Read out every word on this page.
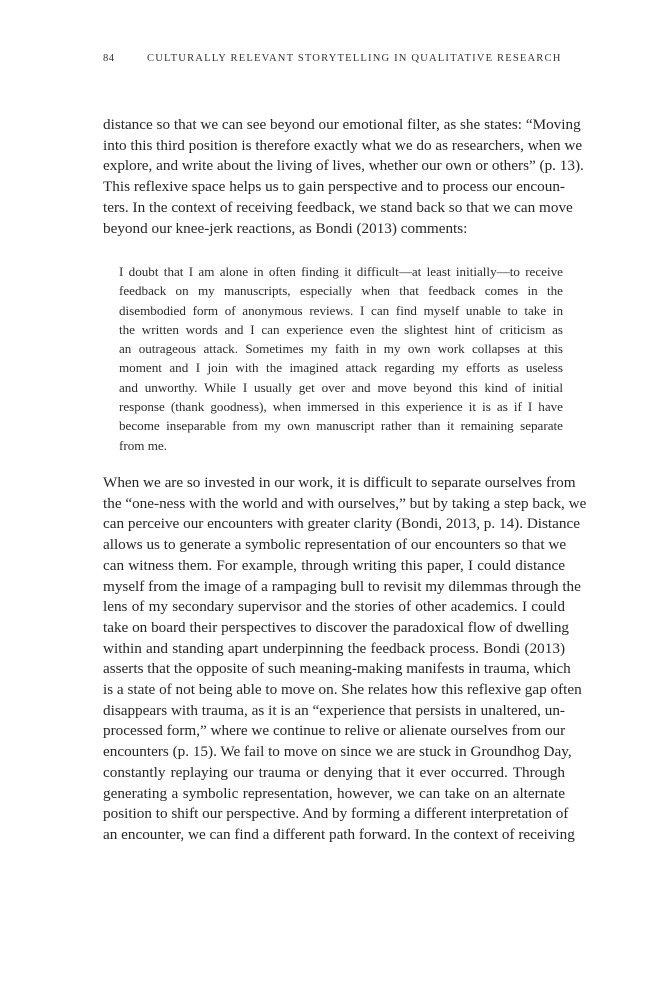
84	CULTURALLY RELEVANT STORYTELLING IN QUALITATIVE RESEARCH
distance so that we can see beyond our emotional filter, as she states: “Moving
into this third position is therefore exactly what we do as researchers, when we
explore, and write about the living of lives, whether our own or others” (p. 13).
This reflexive space helps us to gain perspective and to process our encoun-
ters. In the context of receiving feedback, we stand back so that we can move
beyond our knee-jerk reactions, as Bondi (2013) comments:
I doubt that I am alone in often finding it difficult—at least initially—to receive
feedback on my manuscripts, especially when that feedback comes in the
disembodied form of anonymous reviews. I can find myself unable to take in
the written words and I can experience even the slightest hint of criticism as
an outrageous attack. Sometimes my faith in my own work collapses at this
moment and I join with the imagined attack regarding my efforts as useless
and unworthy. While I usually get over and move beyond this kind of initial
response (thank goodness), when immersed in this experience it is as if I have
become inseparable from my own manuscript rather than it remaining separate
from me.
When we are so invested in our work, it is difficult to separate ourselves from
the “one-ness with the world and with ourselves,” but by taking a step back, we
can perceive our encounters with greater clarity (Bondi, 2013, p. 14). Distance
allows us to generate a symbolic representation of our encounters so that we
can witness them. For example, through writing this paper, I could distance
myself from the image of a rampaging bull to revisit my dilemmas through the
lens of my secondary supervisor and the stories of other academics. I could
take on board their perspectives to discover the paradoxical flow of dwelling
within and standing apart underpinning the feedback process. Bondi (2013)
asserts that the opposite of such meaning-making manifests in trauma, which
is a state of not being able to move on. She relates how this reflexive gap often
disappears with trauma, as it is an “experience that persists in unaltered, un-
processed form,” where we continue to relive or alienate ourselves from our
encounters (p. 15). We fail to move on since we are stuck in Groundhog Day,
constantly replaying our trauma or denying that it ever occurred. Through
generating a symbolic representation, however, we can take on an alternate
position to shift our perspective. And by forming a different interpretation of
an encounter, we can find a different path forward. In the context of receiving
